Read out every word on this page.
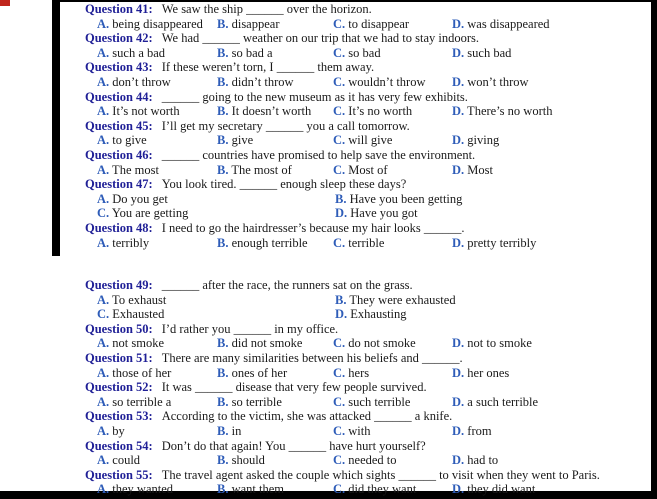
Question 41: We saw the ship ______ over the horizon.
A. being disappeared	B. disappear	C. to disappear	D. was disappeared
Question 42: We had ______ weather on our trip that we had to stay indoors.
A. such a bad	B. so bad a	C. so bad	D. such bad
Question 43: If these weren’t torn, I ______ them away.
A. don’t throw	B. didn’t throw	C. wouldn’t throw	D. won’t throw
Question 44: ______ going to the new museum as it has very few exhibits.
A. It’s not worth	B. It doesn’t worth	C. It’s no worth	D. There’s no worth
Question 45: I’ll get my secretary ______ you a call tomorrow.
A. to give	B. give	C. will give	D. giving
Question 46: ______ countries have promised to help save the environment.
A. The most	B. The most of	C. Most of	D. Most
Question 47: You look tired. ______ enough sleep these days?
A. Do you get	B. Have you been getting
C. You are getting	D. Have you got
Question 48: I need to go the hairdresser’s because my hair looks ______.
A. terribly	B. enough terrible	C. terrible	D. pretty terribly
Question 49: ______ after the race, the runners sat on the grass.
A. To exhaust	B. They were exhausted
C. Exhausted	D. Exhausting
Question 50: I’d rather you ______ in my office.
A. not smoke	B. did not smoke	C. do not smoke	D. not to smoke
Question 51: There are many similarities between his beliefs and ______.
A. those of her	B. ones of her	C. hers	D. her ones
Question 52: It was ______ disease that very few people survived.
A. so terrible a	B. so terrible	C. such terrible	D. a such terrible
Question 53: According to the victim, she was attacked ______ a knife.
A. by	B. in	C. with	D. from
Question 54: Don’t do that again! You ______ have hurt yourself?
A. could	B. should	C. needed to	D. had to
Question 55: The travel agent asked the couple which sights ______ to visit when they went to Paris.
A. they wanted	B. want them	C. did they want	D. they did want
